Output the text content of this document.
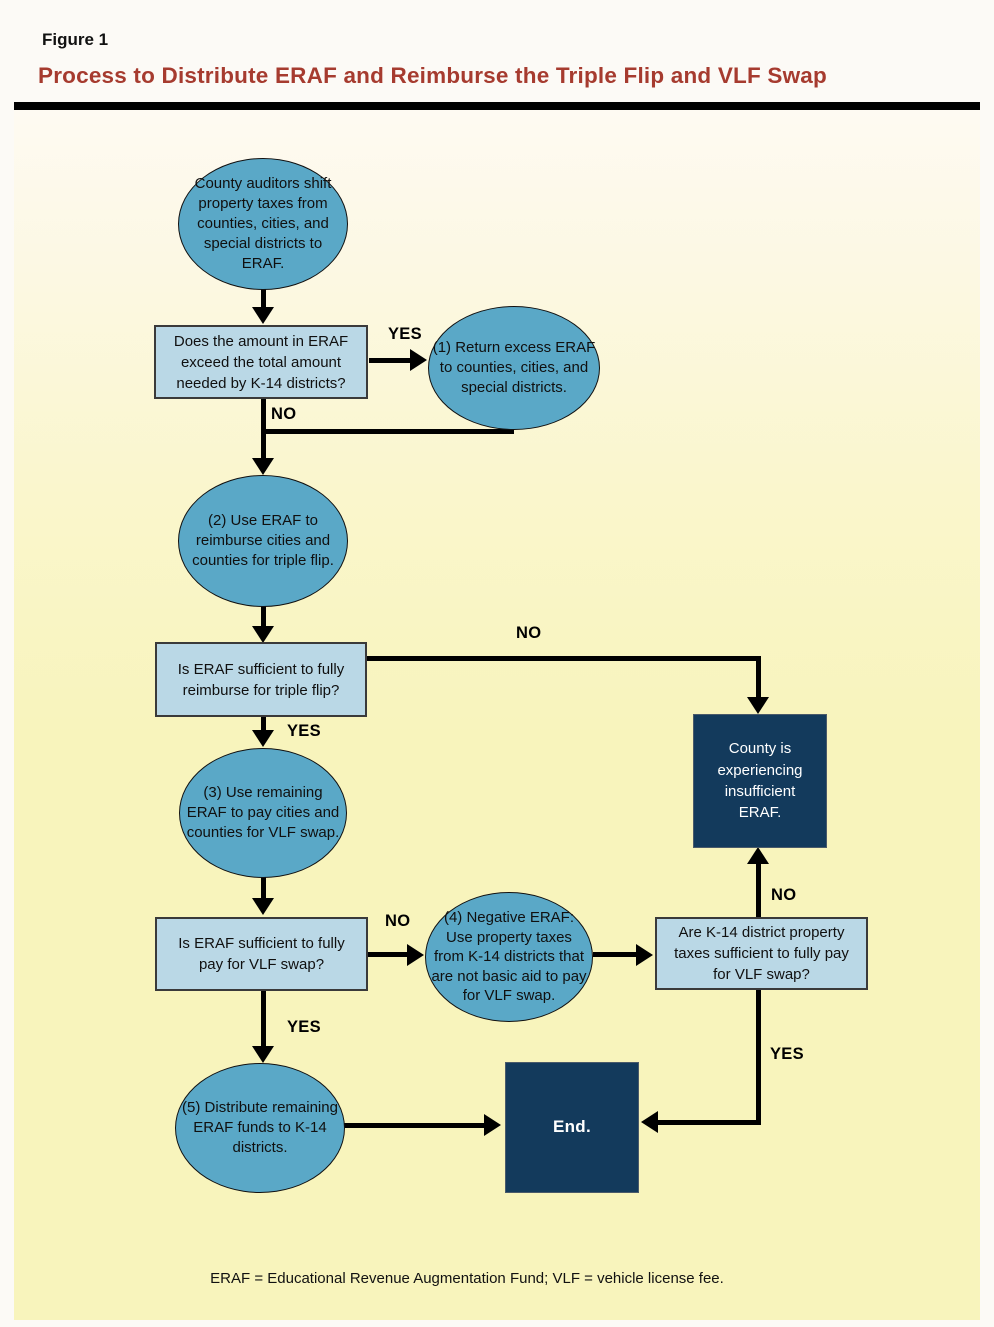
Figure 1
Process to Distribute ERAF and Reimburse the Triple Flip and VLF Swap
County auditors shift property taxes from counties, cities, and special districts to ERAF.
Does the amount in ERAF exceed the total amount needed by K-14 districts?
(1) Return excess ERAF to counties, cities, and special districts.
(2) Use ERAF to reimburse cities and counties for triple flip.
Is ERAF sufficient to fully reimburse for triple flip?
County is experiencing insufficient ERAF.
(3) Use remaining ERAF to pay cities and counties for VLF swap.
Is ERAF sufficient to fully pay for VLF swap?
(4) Negative ERAF: Use property taxes from K-14 districts that are not basic aid to pay for VLF swap.
Are K-14 district property taxes sufficient to fully pay for VLF swap?
(5) Distribute remaining ERAF funds to K-14 districts.
End.
YES
NO
NO
YES
NO
NO
YES
YES
ERAF = Educational Revenue Augmentation Fund; VLF = vehicle license fee.
